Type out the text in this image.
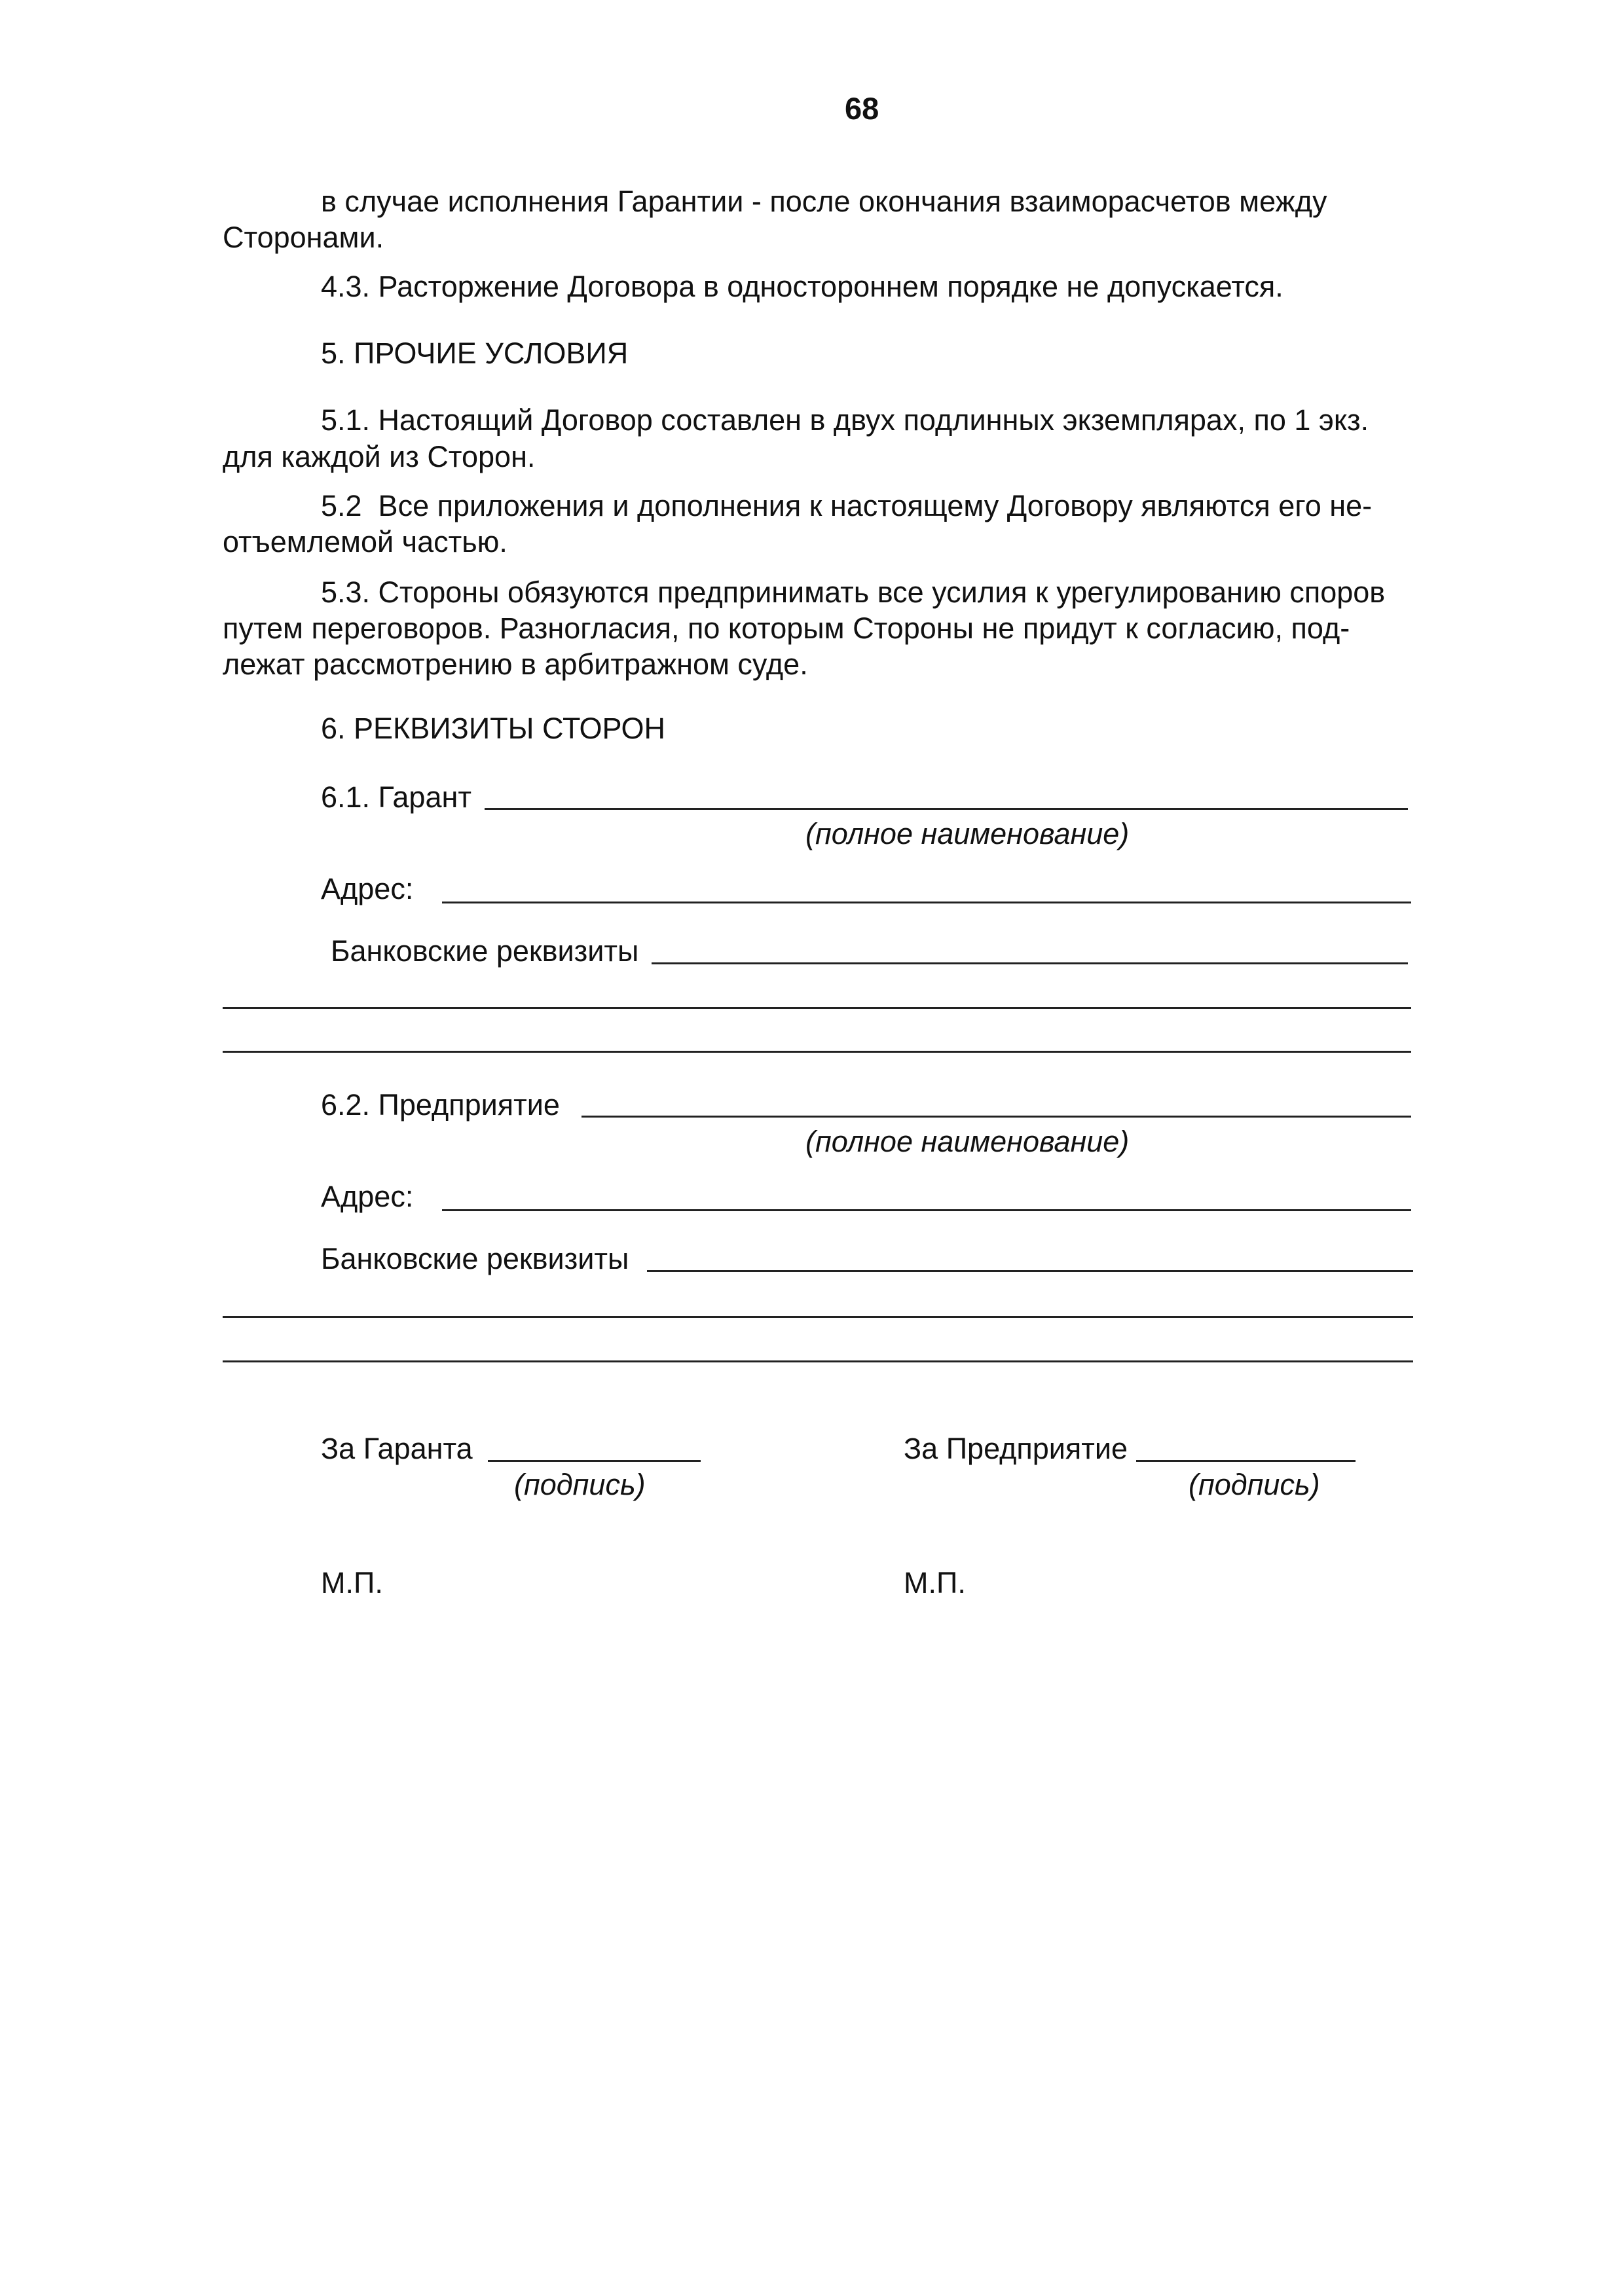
68
в случае исполнения Гарантии - после окончания взаиморасчетов между
Сторонами.
4.3. Расторжение Договора в одностороннем порядке не допускается.
5. ПРОЧИЕ УСЛОВИЯ
5.1. Настоящий Договор составлен в двух подлинных экземплярах, по 1 экз.
для каждой из Сторон.
5.2  Все приложения и дополнения к настоящему Договору являются его не-
отъемлемой частью.
5.3. Стороны обязуются предпринимать все усилия к урегулированию споров
путем переговоров. Разногласия, по которым Стороны не придут к согласию, под-
лежат рассмотрению в арбитражном суде.
6. РЕКВИЗИТЫ СТОРОН
6.1. Гарант
(полное наименование)
Адрес:
Банковские реквизиты
6.2. Предприятие
(полное наименование)
Адрес:
Банковские реквизиты
За Гаранта
(подпись)
За Предприятие
(подпись)
М.П.	М.П.
